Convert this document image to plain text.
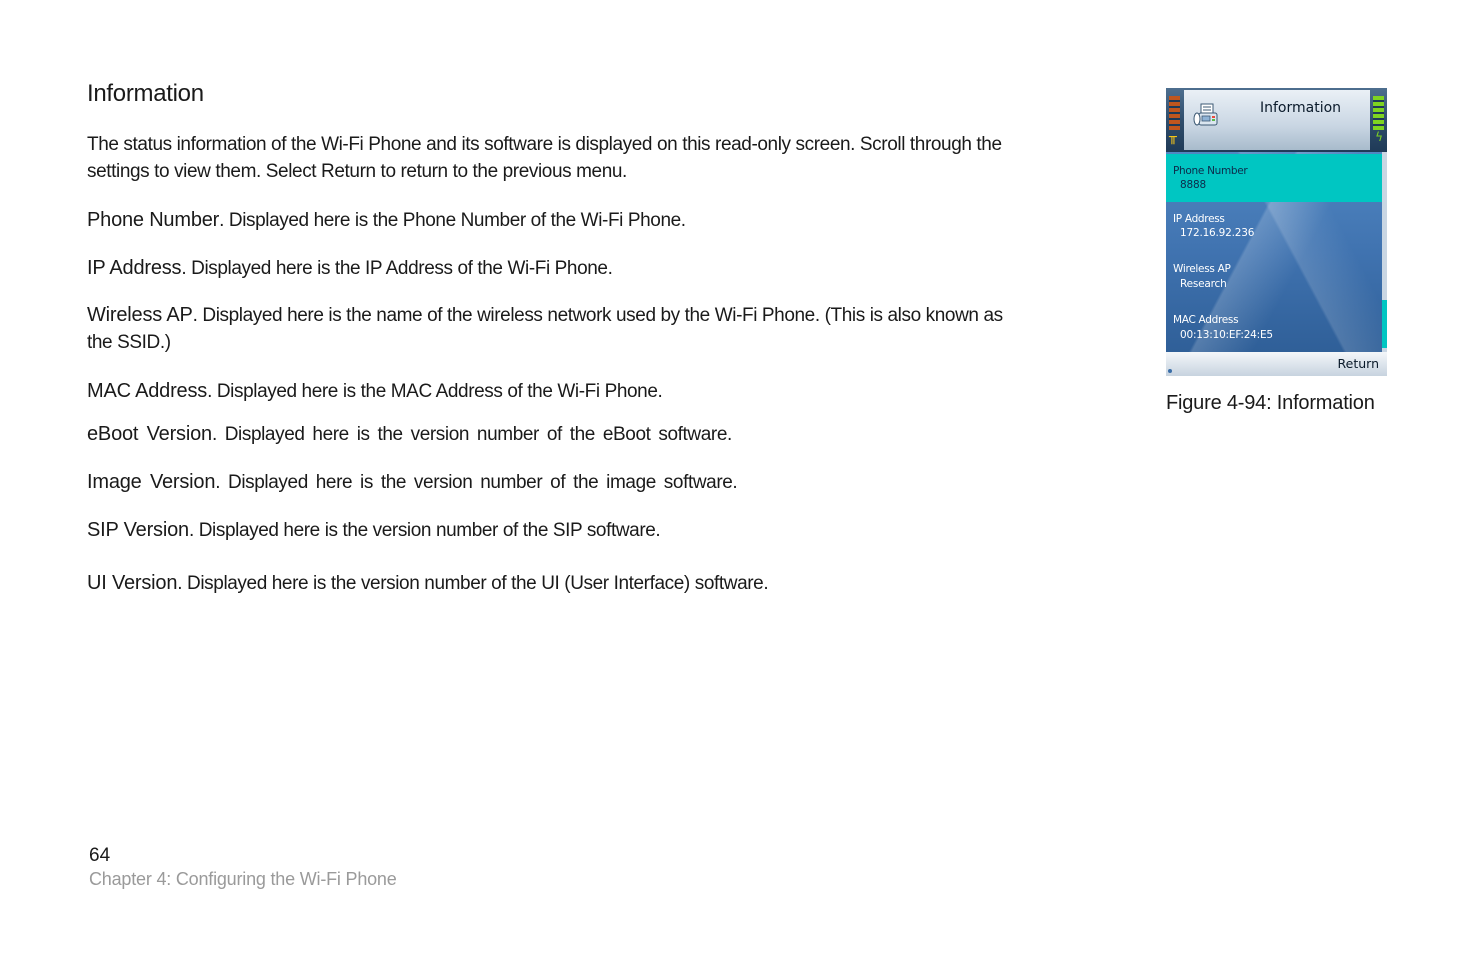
Information

The status information of the Wi-Fi Phone and its software is displayed on this read-only screen. Scroll through the settings to view them. Select Return to return to the previous menu.

Phone Number. Displayed here is the Phone Number of the Wi-Fi Phone.

IP Address. Displayed here is the IP Address of the Wi-Fi Phone.

Wireless AP. Displayed here is the name of the wireless network used by the Wi-Fi Phone. (This is also known as the SSID.)

MAC Address. Displayed here is the MAC Address of the Wi-Fi Phone.

eBoot Version. Displayed here is the version number of the eBoot software.

Image Version. Displayed here is the version number of the image software.

SIP Version. Displayed here is the version number of the SIP software.

UI Version. Displayed here is the version number of the UI (User Interface) software.

╥
Information
ϟ
Phone Number
8888
IP Address
172.16.92.236
Wireless AP
Research
MAC Address
00:13:10:EF:24:E5
Return
Figure 4-94: Information
64
Chapter 4: Configuring the Wi-Fi Phone
